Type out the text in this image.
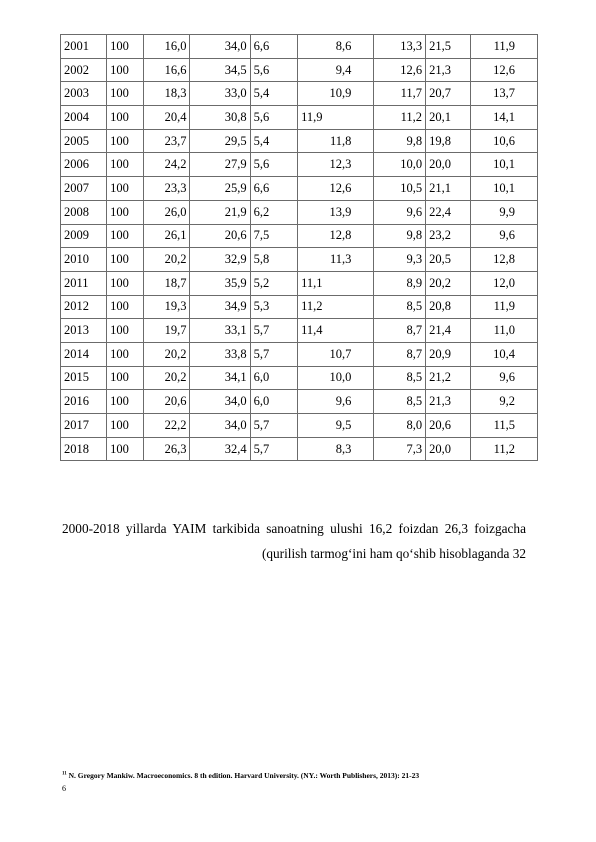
2001	100	16,0	34,0	6,6	8,6	13,3	21,5	11,9
2002	100	16,6	34,5	5,6	9,4	12,6	21,3	12,6
2003	100	18,3	33,0	5,4	10,9	11,7	20,7	13,7
2004	100	20,4	30,8	5,6	11,9	11,2	20,1	14,1
2005	100	23,7	29,5	5,4	11,8	9,8	19,8	10,6
2006	100	24,2	27,9	5,6	12,3	10,0	20,0	10,1
2007	100	23,3	25,9	6,6	12,6	10,5	21,1	10,1
2008	100	26,0	21,9	6,2	13,9	9,6	22,4	9,9
2009	100	26,1	20,6	7,5	12,8	9,8	23,2	9,6
2010	100	20,2	32,9	5,8	11,3	9,3	20,5	12,8
2011	100	18,7	35,9	5,2	11,1	8,9	20,2	12,0
2012	100	19,3	34,9	5,3	11,2	8,5	20,8	11,9
2013	100	19,7	33,1	5,7	11,4	8,7	21,4	11,0
2014	100	20,2	33,8	5,7	10,7	8,7	20,9	10,4
2015	100	20,2	34,1	6,0	10,0	8,5	21,2	9,6
2016	100	20,6	34,0	6,0	9,6	8,5	21,3	9,2
2017	100	22,2	34,0	5,7	9,5	8,0	20,6	11,5
2018	100	26,3	32,4	5,7	8,3	7,3	20,0	11,2
2000-2018 yillarda YAIM tarkibida sanoatning ulushi 16,2 foizdan 26,3 foizgacha
(qurilish tarmog‘ini ham qo‘shib hisoblaganda 32
$^{11}$ N. Gregory Mankiw. Macroeconomics. 8 th edition. Harvard University. (NY.: Worth Publishers, 2013): 21-23
6
